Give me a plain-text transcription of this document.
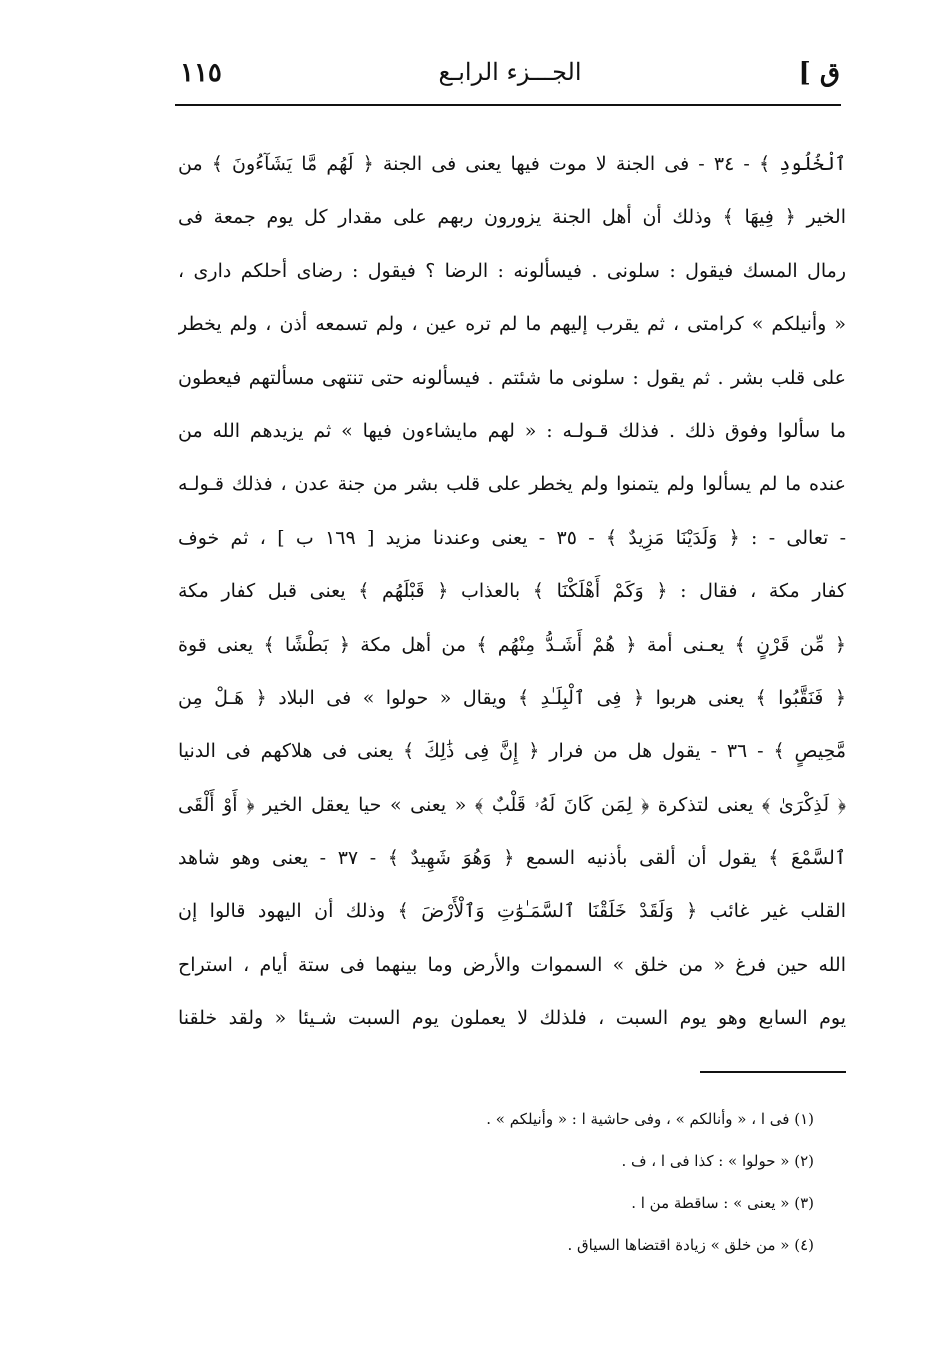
ق ]
الجـــزء الرابـع
١١٥
ٱلْخُلُودِ ﴾ - ٣٤ - فى الجنة لا موت فيها يعنى فى الجنة ﴿ لَهُم مَّا يَشَآءُونَ ﴾ من
الخير ﴿ فِيهَا ﴾ وذلك أن أهل الجنة يزورون ربهم على مقدار كل يوم جمعة فى
رمال المسك فيقول : سلونى . فيسألونه : الرضا ؟ فيقول : رضاى أحلكم دارى ،
« وأنيلكم » كرامتى ، ثم يقرب إليهم ما لم تره عين ، ولم تسمعه أذن ، ولم يخطر
على قلب بشر . ثم يقول : سلونى ما شئتم . فيسألونه حتى تنتهى مسألتهم فيعطون
ما سألوا وفوق ذلك . فذلك قـولـه : « لهم مايشاءون فيها » ثم يزيدهم الله من
عنده ما لم يسألوا ولم يتمنوا ولم يخطر على قلب بشر من جنة عدن ، فذلك قـولـه
- تعالى - : ﴿ وَلَدَيْنَا مَزِيدٌ ﴾ - ٣٥ - يعنى وعندنا مزيد [ ١٦٩ ب ] ، ثم خوف
كفار مكة ، فقال : ﴿ وَكَمْ أَهْلَكْنَا ﴾ بالعذاب ﴿ قَبْلَهُم ﴾ يعنى قبل كفار مكة
﴿ مِّن قَرْنٍ ﴾ يعـنى أمة ﴿ هُمْ أَشَـدُّ مِنْهُم ﴾ من أهل مكة ﴿ بَطْشًا ﴾ يعنى قوة
﴿ فَنَقَّبُوا ﴾ يعنى هربوا ﴿ فِى ٱلْبِلَـٰدِ ﴾ ويقال « حولوا » فى البلاد ﴿ هَـلْ مِن
مَّحِيصٍ ﴾ - ٣٦ - يقول هل من فرار ﴿ إِنَّ فِى ذَٰلِكَ ﴾ يعنى فى هلاكهم فى الدنيا
﴿ لَذِكْرَىٰ ﴾ يعنى لتذكرة ﴿ لِمَن كَانَ لَهُۥ قَلْبٌ ﴾ « يعنى » حيا يعقل الخير ﴿ أَوْ أَلْقَى
ٱلسَّمْعَ ﴾ يقول أن ألقى بأذنيه السمع ﴿ وَهُوَ شَهِيدٌ ﴾ - ٣٧ - يعنى وهو شاهد
القلب غير غائب ﴿ وَلَقَدْ خَلَقْنَا ٱلسَّمَـٰوَٰتِ وَٱلْأَرْضَ ﴾ وذلك أن اليهود قالوا إن
الله حين فرغ « من خلق » السموات والأرض وما بينهما فى ستة أيام ، استراح
يوم السابع وهو يوم السبت ، فلذلك لا يعملون يوم السبت شـيئا « ولقد خلقنا
(١) فى ا ، « وأنالكم » ، وفى حاشية ا : « وأنيلكم » .
(٢) « حولوا » : كذا فى ا ، ف .
(٣) « يعنى » : ساقطة من ا .
(٤) « من خلق » زيادة اقتضاها السياق .
